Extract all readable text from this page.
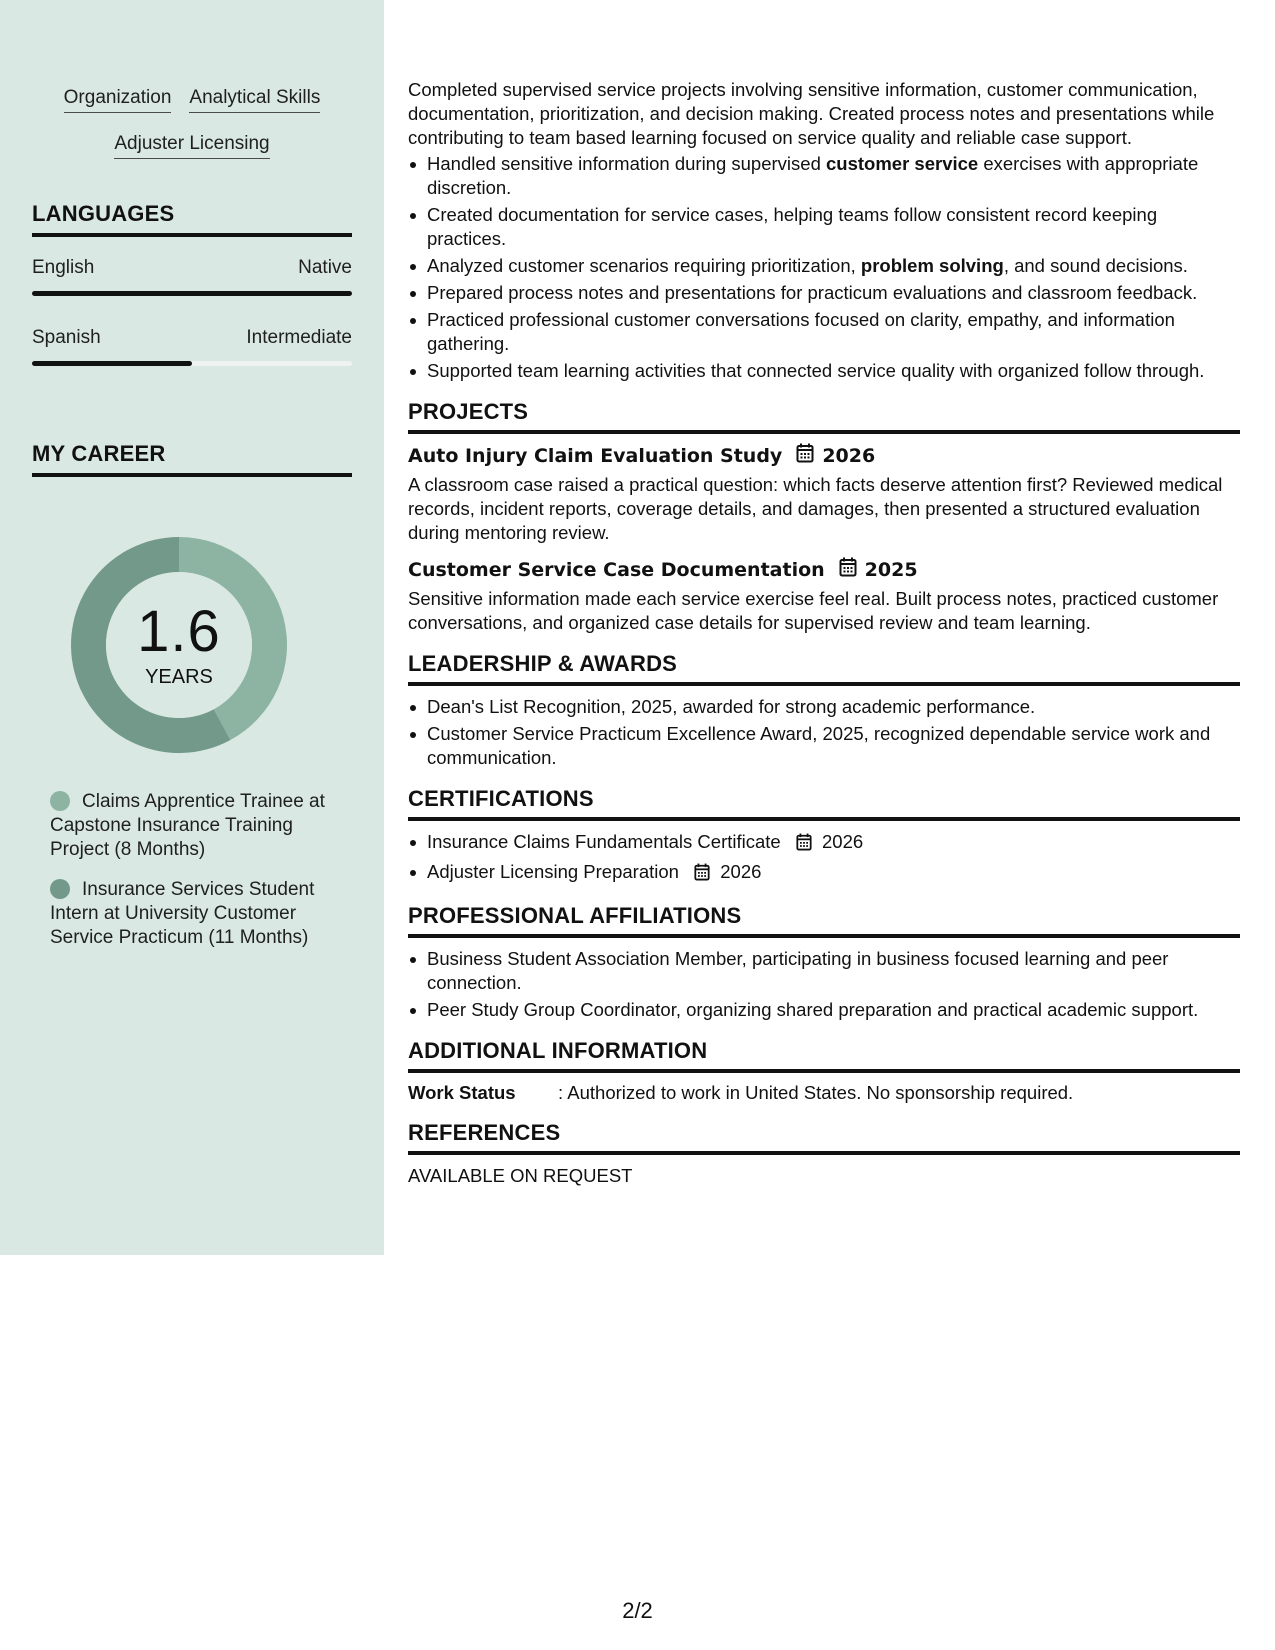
Organization Analytical Skills
Adjuster Licensing
LANGUAGES
English	Native
Spanish	Intermediate
MY CAREER
1.6
YEARS
Claims Apprentice Trainee at Capstone Insurance Training Project (8 Months)
Insurance Services Student Intern at University Customer Service Practicum (11 Months)

Completed supervised service projects involving sensitive information, customer communication, documentation, prioritization, and decision making. Created process notes and presentations while contributing to team based learning focused on service quality and reliable case support.

Handled sensitive information during supervised customer service exercises with appropriate discretion.
Created documentation for service cases, helping teams follow consistent record keeping practices.
Analyzed customer scenarios requiring prioritization, problem solving, and sound decisions.
Prepared process notes and presentations for practicum evaluations and classroom feedback.
Practiced professional customer conversations focused on clarity, empathy, and information gathering.
Supported team learning activities that connected service quality with organized follow through.
PROJECTS
Auto Injury Claim Evaluation Study 2026

A classroom case raised a practical question: which facts deserve attention first? Reviewed medical records, incident reports, coverage details, and damages, then presented a structured evaluation during mentoring review.

Customer Service Case Documentation 2025

Sensitive information made each service exercise feel real. Built process notes, practiced customer conversations, and organized case details for supervised review and team learning.

LEADERSHIP & AWARDS
Dean's List Recognition, 2025, awarded for strong academic performance.
Customer Service Practicum Excellence Award, 2025, recognized dependable service work and communication.
CERTIFICATIONS
Insurance Claims Fundamentals Certificate 2026
Adjuster Licensing Preparation 2026
PROFESSIONAL AFFILIATIONS
Business Student Association Member, participating in business focused learning and peer connection.
Peer Study Group Coordinator, organizing shared preparation and practical academic support.
ADDITIONAL INFORMATION
Work Status	: Authorized to work in United States. No sponsorship required.
REFERENCES

AVAILABLE ON REQUEST

2/2
